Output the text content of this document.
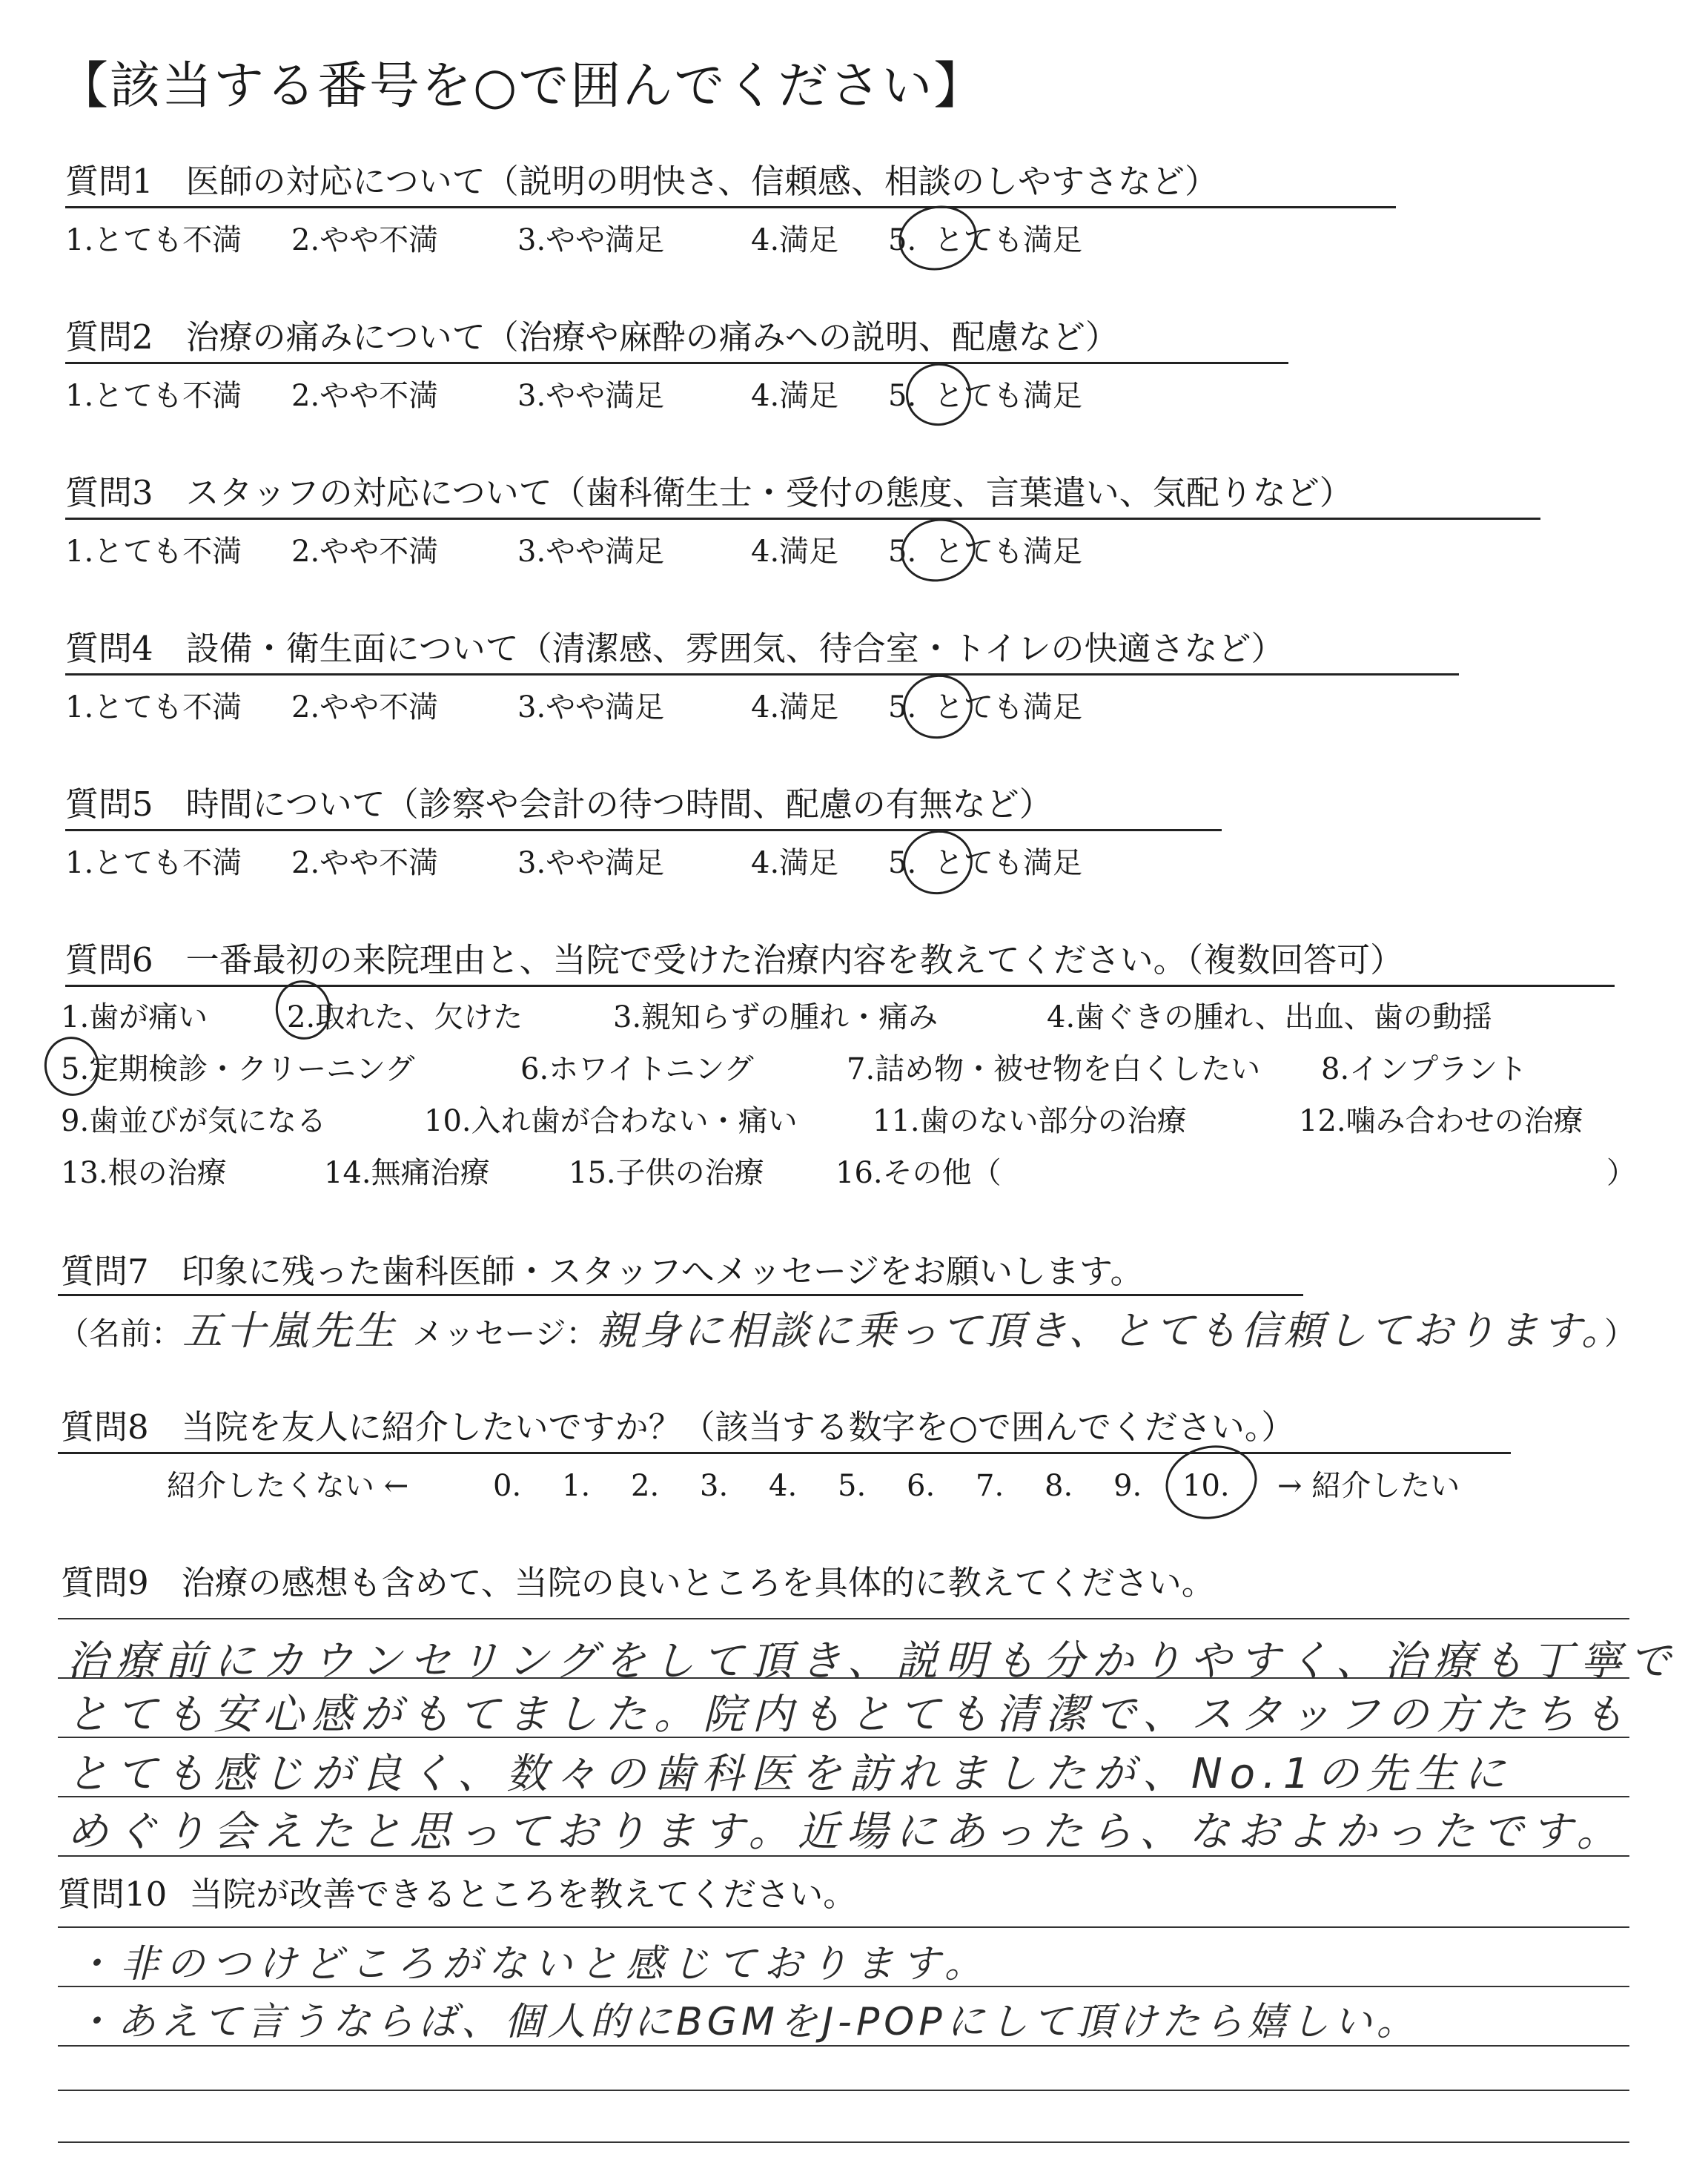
【該当する番号を○で囲んでください】
質問1 医師の対応について（説明の明快さ、信頼感、相談のしやすさなど）
1.とても不満 2.やや不満	3.やや満足	4.満足 5. とても満足
質問2 治療の痛みについて（治療や麻酔の痛みへの説明、配慮など）
1.とても不満 2.やや不満	3.やや満足	4.満足 5. とても満足
質問3 スタッフの対応について（歯科衛生士・受付の態度、言葉遣い、気配りなど）
1.とても不満 2.やや不満	3.やや満足	4.満足 5. とても満足
質問4 設備・衛生面について（清潔感、雰囲気、待合室・トイレの快適さなど）
1.とても不満 2.やや不満	3.やや満足	4.満足 5. とても満足
質問5 時間について（診察や会計の待つ時間、配慮の有無など）
1.とても不満 2.やや不満	3.やや満足	4.満足 5. とても満足
質問6 一番最初の来院理由と、当院で受けた治療内容を教えてください。（複数回答可）
1.歯が痛い	2.取れた、欠けた	3.親知らずの腫れ・痛み	4.歯ぐきの腫れ、出血、歯の動揺
5.定期検診・クリーニング	6.ホワイトニング	7.詰め物・被せ物を白くしたい 8.インプラント
9.歯並びが気になる	10.入れ歯が合わない・痛い	11.歯のない部分の治療	12.噛み合わせの治療
13.根の治療	14.無痛治療	15.子供の治療 16.その他（	）
質問7 印象に残った歯科医師・スタッフへメッセージをお願いします。
（名前：五十嵐先生 メッセージ：親身に相談に乗って頂き、とても信頼しております。）
質問8 当院を友人に紹介したいですか？（該当する数字を○で囲んでください。）
紹介したくない ←	0. 1. 2. 3. 4. 5. 6. 7. 8. 9. 10. → 紹介したい
質問9 治療の感想も含めて、当院の良いところを具体的に教えてください。
治療前にカウンセリングをして頂き、説明も分かりやすく、治療も丁寧で
とても安心感がもてました。院内もとても清潔で、スタッフの方たちも
とても感じが良く、数々の歯科医を訪れましたが、No.1の先生に
めぐり会えたと思っております。近場にあったら、なおよかったです。
質問10 当院が改善できるところを教えてください。
・非のつけどころがないと感じております。
・あえて言うならば、個人的にBGMをJ-POPにして頂けたら嬉しい。
